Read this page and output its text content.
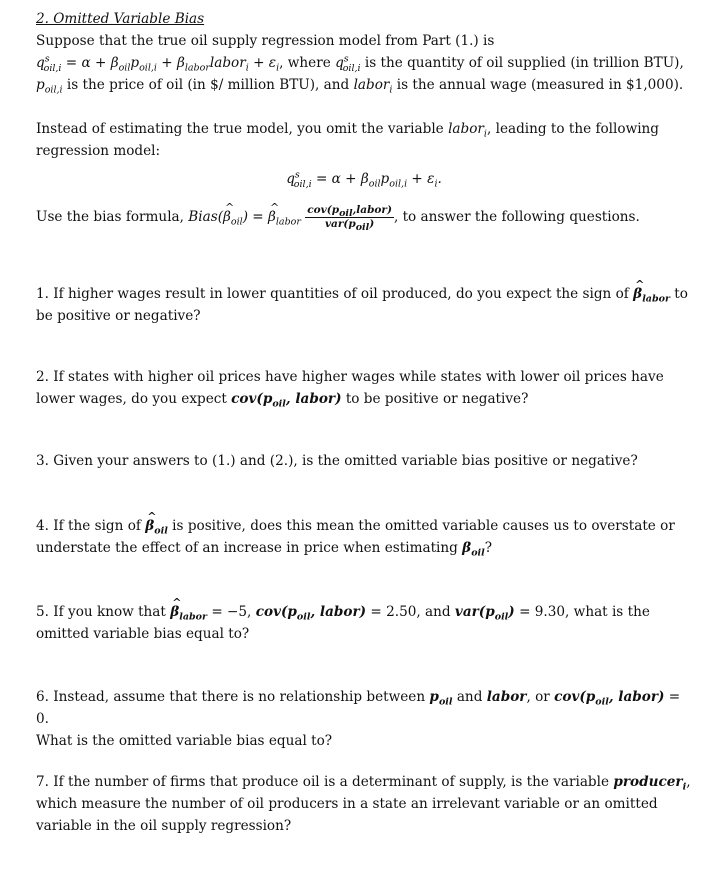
2. Omitted Variable Bias

Suppose that the true oil supply regression model from Part (1.) is
$q^s_{oil,i} = \alpha + \beta_{oil}p_{oil,i}$ + $\beta_{labor}labor_i + \varepsilon_i$, where $q^s_{oil,i}$ is the quantity of oil supplied (in trillion BTU), $p_{oil,i}$ is the price of oil (in $/ million BTU), and labor$_i$ is the annual wage (measured in $1,000).

Instead of estimating the true model, you omit the variable labor$_i$, leading to the following regression model:

$q^s_{oil,i} = \alpha + \beta_{oil}p_{oil,i} + \varepsilon_i$.

Use the bias formula, Bias(^ $\beta_{oil}$) = ^ $\beta_{labor} \frac{cov(p_{oil},labor)}{var(p_{oil})}$ , to answer the following questions.

1. If higher wages result in lower quantities of oil produced, do you expect the sign of ^ $\beta_{labor}$ to be positive or negative?
2. If states with higher oil prices have higher wages while states with lower oil prices have lower wages, do you expect $cov(p_{oil}$, labor) to be positive or negative?
3. Given your answers to (1.) and (2.), is the omitted variable bias positive or negative?
4. If the sign of ^ $\beta_{oil}$ is positive, does this mean the omitted variable causes us to overstate or understate the effect of an increase in price when estimating $\beta_{oil}$?
5. If you know that ^ $\beta_{labor} = -5$, $cov(p_{oil}$, labor) = 2.50, and $var(p_{oil}) = 9.30$, what is the omitted variable bias equal to?
6. Instead, assume that there is no relationship between $p_{oil}$ and labor, or $cov(p_{oil}$, labor) = 0.
What is the omitted variable bias equal to?
7. If the number of firms that produce oil is a determinant of supply, is the variable producer$_i$, which measure the number of oil producers in a state an irrelevant variable or an omitted variable in the oil supply regression?
